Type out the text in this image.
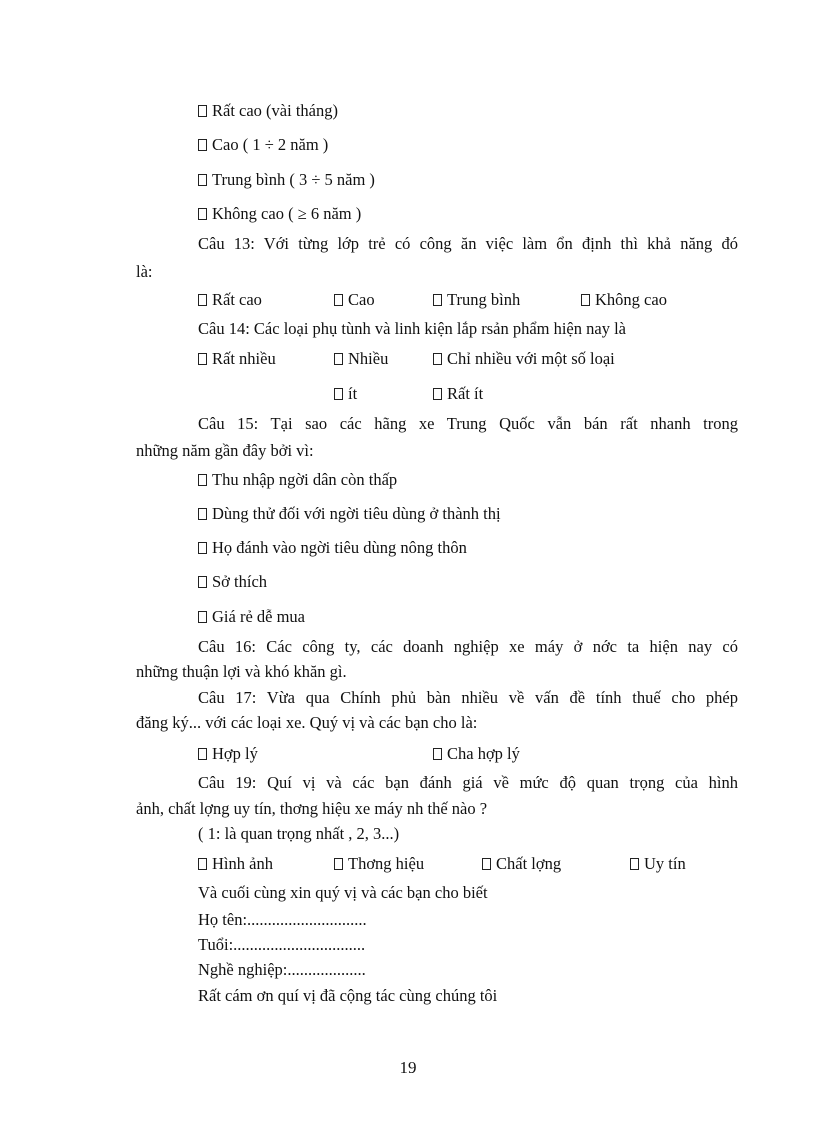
Rất cao (vài tháng)
Cao ( 1 ÷ 2 năm )
Trung bình ( 3 ÷ 5 năm )
Không cao ( ≥ 6 năm )
Câu 13: Với từng lớp trẻ có công ăn việc làm ổn định thì khả năng đó
là:
Rất cao	Cao	Trung bình	Không cao
Câu 14: Các loại phụ tùnh và linh kiện lắp rsản phẩm hiện nay là
Rất nhiều	Nhiều	Chỉ nhiều với một số loại
ít	Rất ít
Câu 15: Tại sao các hãng xe Trung Quốc vẫn bán rất nhanh trong
những năm gần đây bởi vì:
Thu nhập ngời dân còn thấp
Dùng thử đối với ngời tiêu dùng ở thành thị
Họ đánh vào ngời tiêu dùng nông thôn
Sở thích
Giá rẻ dễ mua
Câu 16: Các công ty, các doanh nghiệp xe máy ở nớc ta hiện nay có
những thuận lợi và khó khăn gì.
Câu 17: Vừa qua Chính phủ bàn nhiều về vấn đề tính thuế cho phép
đăng ký... với các loại xe. Quý vị và các bạn cho là:
Hợp lý	Cha hợp lý
Câu 19: Quí vị và các bạn đánh giá về mức độ quan trọng của hình
ảnh, chất lợng uy tín, thơng hiệu xe máy nh thế nào ?
( 1: là quan trọng nhất , 2, 3...)
Hình ảnh	Thơng hiệu	Chất lợng	Uy tín
Và cuối cùng xin quý vị và các bạn cho biết
Họ tên:.............................
Tuổi:................................
Nghề nghiệp:...................
Rất cám ơn quí vị đã cộng tác cùng chúng tôi
19
